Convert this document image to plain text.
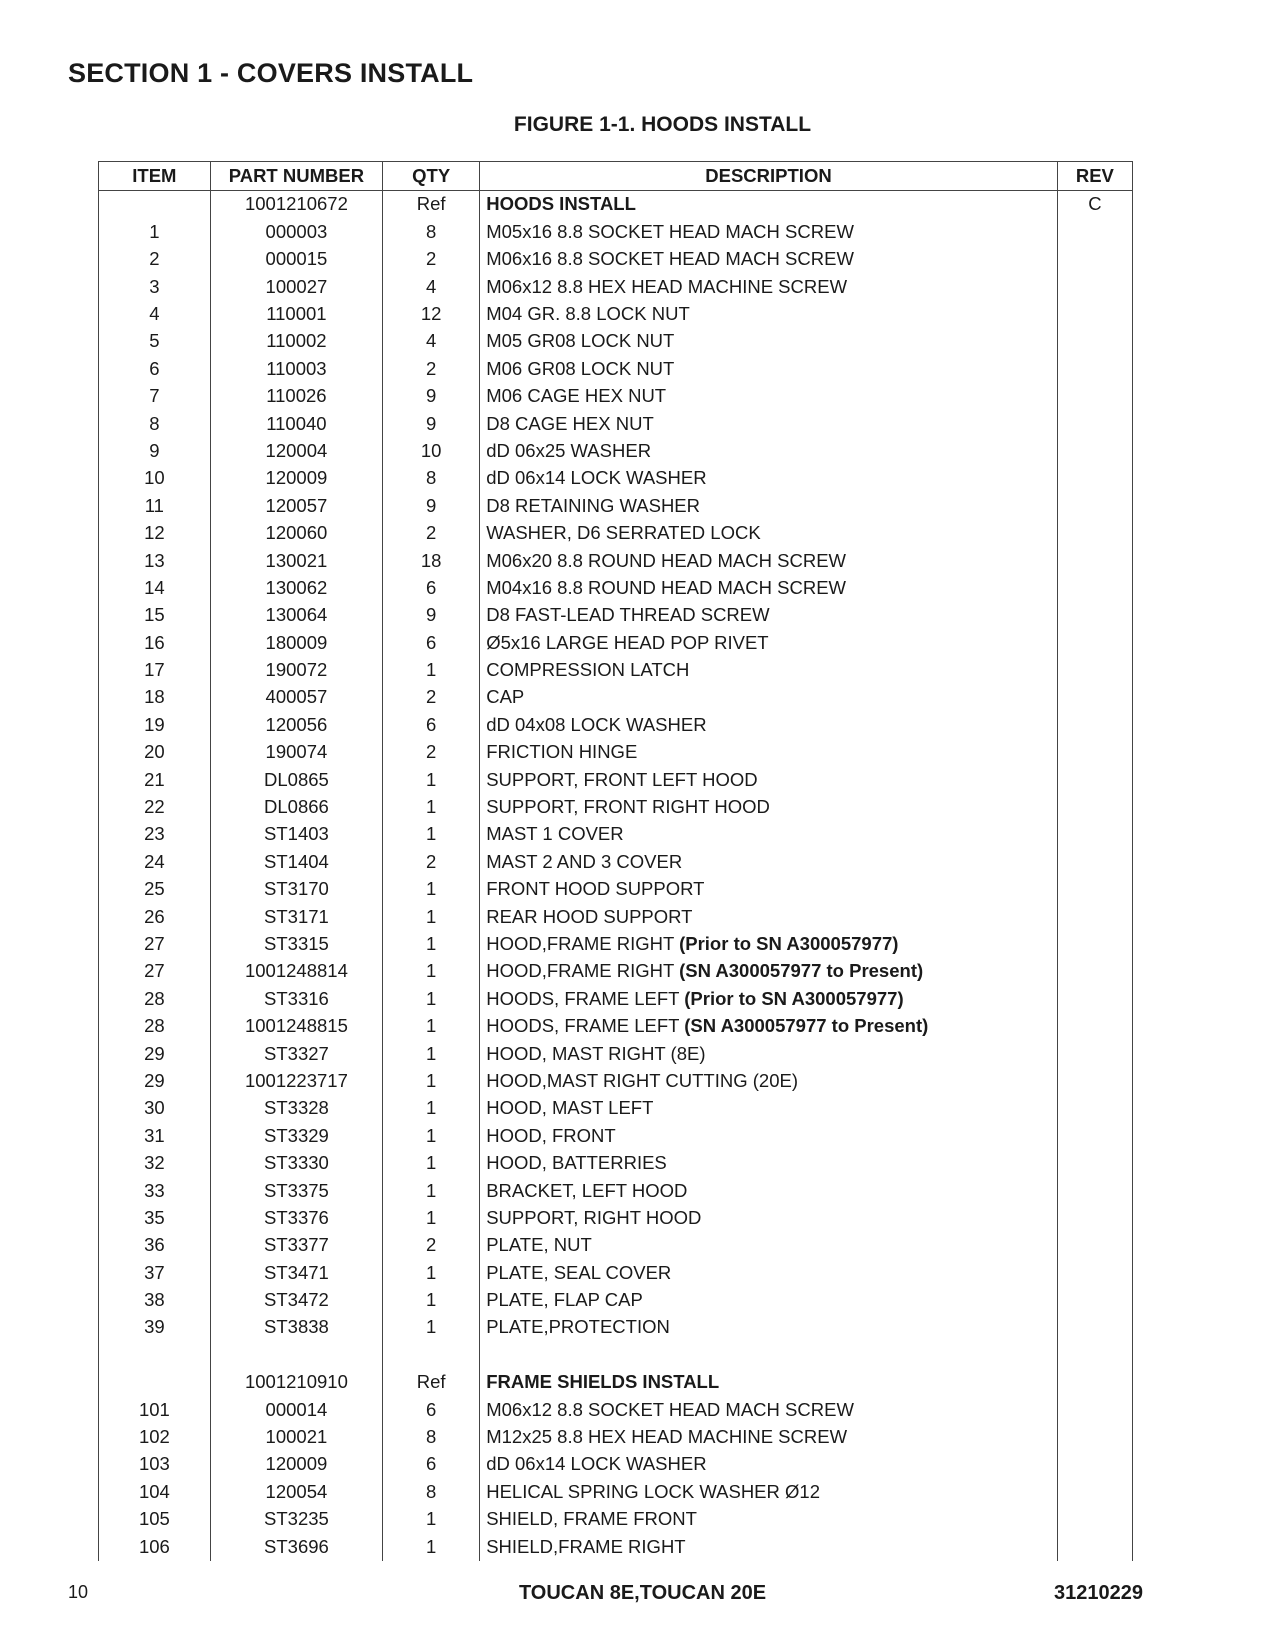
SECTION 1 - COVERS INSTALL
FIGURE 1-1. HOODS INSTALL
ITEM	PART NUMBER	QTY	DESCRIPTION	REV
	1001210672	Ref	HOODS INSTALL	C
1	000003	8	M05x16 8.8 SOCKET HEAD MACH SCREW	
2	000015	2	M06x16 8.8 SOCKET HEAD MACH SCREW	
3	100027	4	M06x12 8.8 HEX HEAD MACHINE SCREW	
4	110001	12	M04 GR. 8.8 LOCK NUT	
5	110002	4	M05 GR08 LOCK NUT	
6	110003	2	M06 GR08 LOCK NUT	
7	110026	9	M06 CAGE HEX NUT	
8	110040	9	D8 CAGE HEX NUT	
9	120004	10	dD 06x25 WASHER	
10	120009	8	dD 06x14 LOCK WASHER	
11	120057	9	D8 RETAINING WASHER	
12	120060	2	WASHER, D6 SERRATED LOCK	
13	130021	18	M06x20 8.8 ROUND HEAD MACH SCREW	
14	130062	6	M04x16 8.8 ROUND HEAD MACH SCREW	
15	130064	9	D8 FAST-LEAD THREAD SCREW	
16	180009	6	Ø5x16 LARGE HEAD POP RIVET	
17	190072	1	COMPRESSION LATCH	
18	400057	2	CAP	
19	120056	6	dD 04x08 LOCK WASHER	
20	190074	2	FRICTION HINGE	
21	DL0865	1	SUPPORT, FRONT LEFT HOOD	
22	DL0866	1	SUPPORT, FRONT RIGHT HOOD	
23	ST1403	1	MAST 1 COVER	
24	ST1404	2	MAST 2 AND 3 COVER	
25	ST3170	1	FRONT HOOD SUPPORT	
26	ST3171	1	REAR HOOD SUPPORT	
27	ST3315	1	HOOD,FRAME RIGHT (Prior to SN A300057977)	
27	1001248814	1	HOOD,FRAME RIGHT (SN A300057977 to Present)	
28	ST3316	1	HOODS, FRAME LEFT (Prior to SN A300057977)	
28	1001248815	1	HOODS, FRAME LEFT (SN A300057977 to Present)	
29	ST3327	1	HOOD, MAST RIGHT (8E)	
29	1001223717	1	HOOD,MAST RIGHT CUTTING (20E)	
30	ST3328	1	HOOD, MAST LEFT	
31	ST3329	1	HOOD, FRONT	
32	ST3330	1	HOOD, BATTERRIES	
33	ST3375	1	BRACKET, LEFT HOOD	
35	ST3376	1	SUPPORT, RIGHT HOOD	
36	ST3377	2	PLATE, NUT	
37	ST3471	1	PLATE, SEAL COVER	
38	ST3472	1	PLATE, FLAP CAP	
39	ST3838	1	PLATE,PROTECTION	

	1001210910	Ref	FRAME SHIELDS INSTALL	
101	000014	6	M06x12 8.8 SOCKET HEAD MACH SCREW	
102	100021	8	M12x25 8.8 HEX HEAD MACHINE SCREW	
103	120009	6	dD 06x14 LOCK WASHER	
104	120054	8	HELICAL SPRING LOCK WASHER Ø12	
105	ST3235	1	SHIELD, FRAME FRONT	
106	ST3696	1	SHIELD,FRAME RIGHT	
10	TOUCAN 8E,TOUCAN 20E	31210229
